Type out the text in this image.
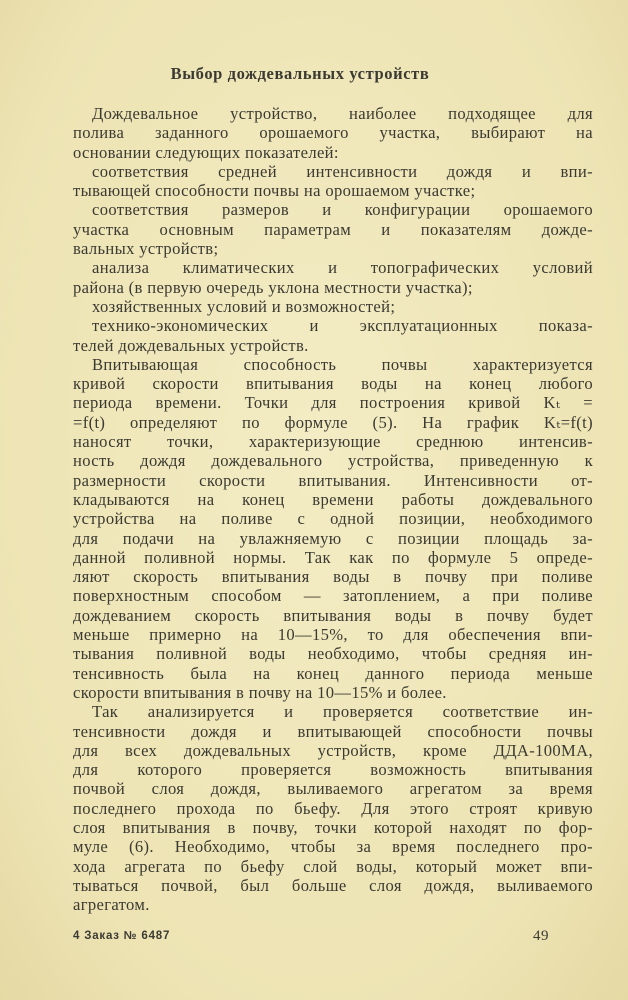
Выбор дождевальных устройств
Дождевальное устройство, наиболее подходящее для
полива заданного орошаемого участка, выбирают на
основании следующих показателей:
соответствия средней интенсивности дождя и впи-
тывающей способности почвы на орошаемом участке;
соответствия размеров и конфигурации орошаемого
участка основным параметрам и показателям дожде-
вальных устройств;
анализа климатических и топографических условий
района (в первую очередь уклона местности участка);
хозяйственных условий и возможностей;
технико-экономических и эксплуатационных показа-
телей дождевальных устройств.
Впитывающая способность почвы характеризуется
кривой скорости впитывания воды на конец любого
периода времени. Точки для построения кривой Kₜ =
=f(t) определяют по формуле (5). На график Kₜ=f(t)
наносят точки, характеризующие среднюю интенсив-
ность дождя дождевального устройства, приведенную к
размерности скорости впитывания. Интенсивности от-
кладываются на конец времени работы дождевального
устройства на поливе с одной позиции, необходимого
для подачи на увлажняемую с позиции площадь за-
данной поливной нормы. Так как по формуле 5 опреде-
ляют скорость впитывания воды в почву при поливе
поверхностным способом — затоплением, а при поливе
дождеванием скорость впитывания воды в почву будет
меньше примерно на 10—15%, то для обеспечения впи-
тывания поливной воды необходимо, чтобы средняя ин-
тенсивность была на конец данного периода меньше
скорости впитывания в почву на 10—15% и более.
Так анализируется и проверяется соответствие ин-
тенсивности дождя и впитывающей способности почвы
для всех дождевальных устройств, кроме ДДА-100МА,
для которого проверяется возможность впитывания
почвой слоя дождя, выливаемого агрегатом за время
последнего прохода по бьефу. Для этого строят кривую
слоя впитывания в почву, точки которой находят по фор-
муле (6). Необходимо, чтобы за время последнего про-
хода агрегата по бьефу слой воды, который может впи-
тываться почвой, был больше слоя дождя, выливаемого
агрегатом.
4 Заказ № 6487	49
